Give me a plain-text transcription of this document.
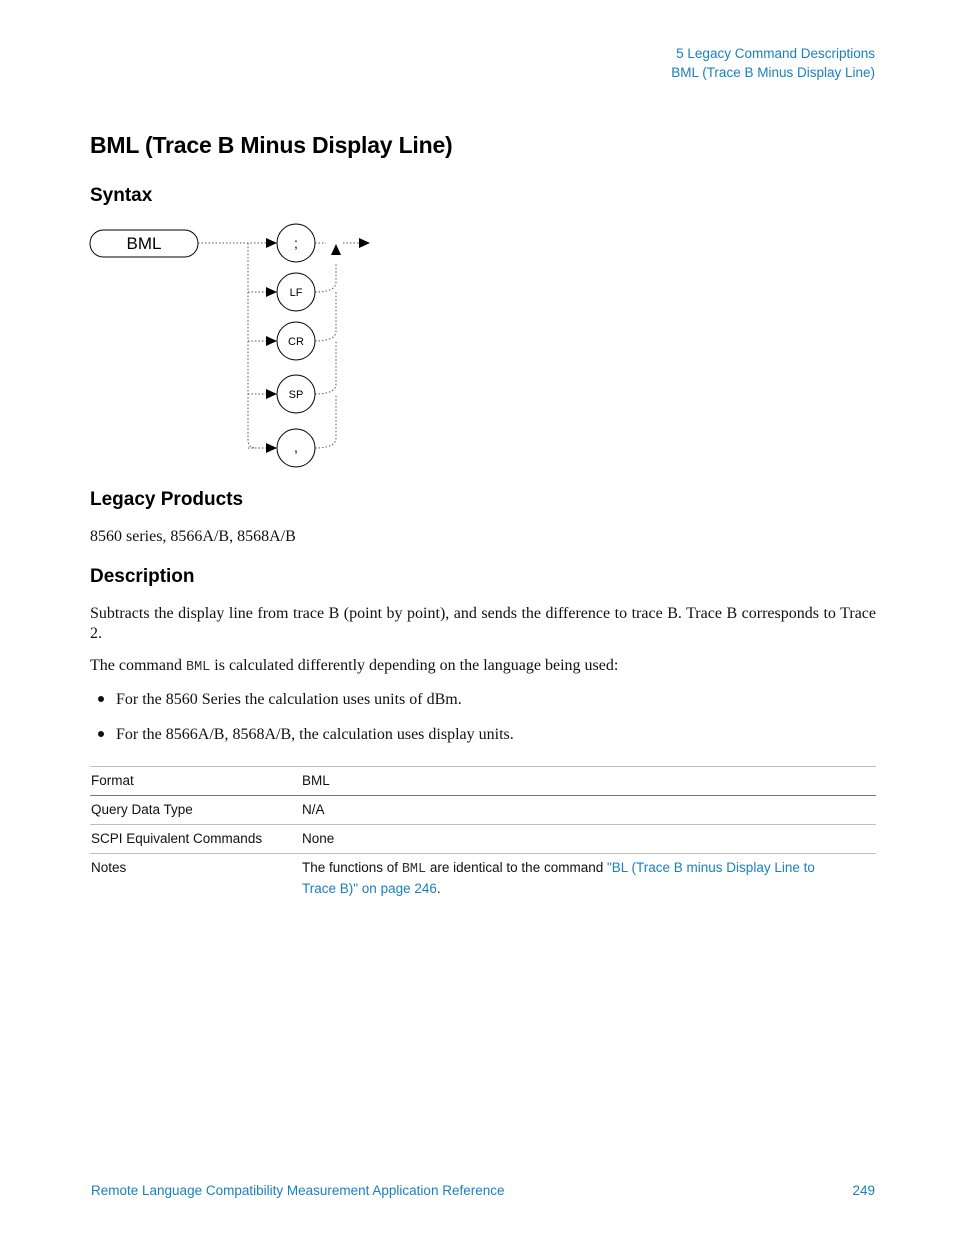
5 Legacy Command Descriptions
BML (Trace B Minus Display Line)
BML (Trace B Minus Display Line)
Syntax
BML	;
LF
CR
SP
,
Legacy Products

8560 series, 8566A/B, 8568A/B

Description

Subtracts the display line from trace B (point by point), and sends the difference to trace B. Trace B corresponds to Trace 2.

The command BML is calculated differently depending on the language being used:

For the 8560 Series the calculation uses units of dBm.
For the 8566A/B, 8568A/B, the calculation uses display units.
Format	BML
Query Data Type	N/A
SCPI Equivalent Commands	None
Notes	The functions of BML are identical to the command "BL (Trace B minus Display Line to Trace B)" on page 246.
Remote Language Compatibility Measurement Application Reference	249
